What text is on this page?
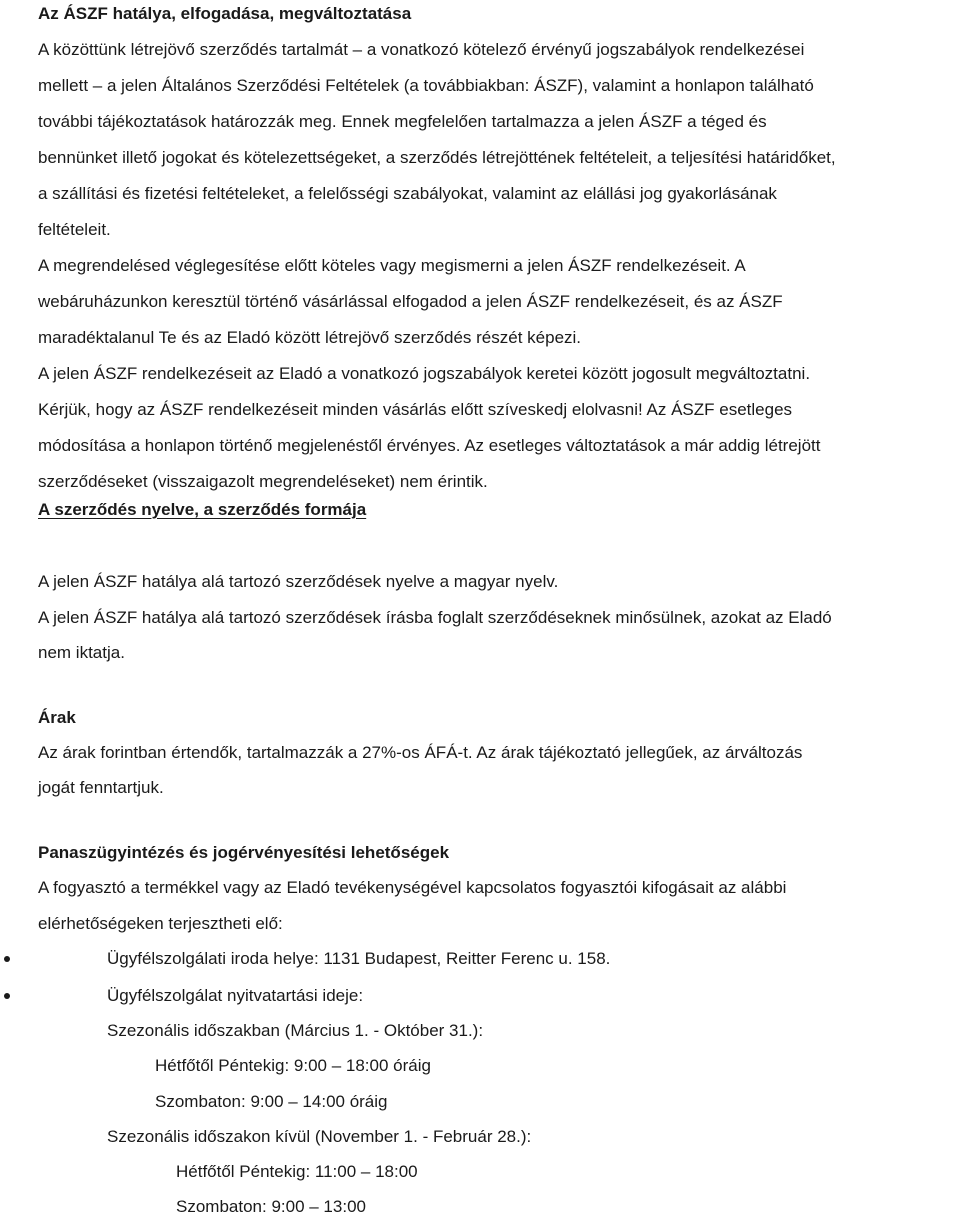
Az ÁSZF hatálya, elfogadása, megváltoztatása
A közöttünk létrejövő szerződés tartalmát – a vonatkozó kötelező érvényű jogszabályok rendelkezései
mellett – a jelen Általános Szerződési Feltételek (a továbbiakban: ÁSZF), valamint a honlapon található
további tájékoztatások határozzák meg. Ennek megfelelően tartalmazza a jelen ÁSZF a téged és
bennünket illető jogokat és kötelezettségeket, a szerződés létrejöttének feltételeit, a teljesítési határidőket,
a szállítási és fizetési feltételeket, a felelősségi szabályokat, valamint az elállási jog gyakorlásának
feltételeit.
A megrendelésed véglegesítése előtt köteles vagy megismerni a jelen ÁSZF rendelkezéseit. A
webáruházunkon keresztül történő vásárlással elfogadod a jelen ÁSZF rendelkezéseit, és az ÁSZF
maradéktalanul Te és az Eladó között létrejövő szerződés részét képezi.
A jelen ÁSZF rendelkezéseit az Eladó a vonatkozó jogszabályok keretei között jogosult megváltoztatni.
Kérjük, hogy az ÁSZF rendelkezéseit minden vásárlás előtt szíveskedj elolvasni! Az ÁSZF esetleges
módosítása a honlapon történő megjelenéstől érvényes. Az esetleges változtatások a már addig létrejött
szerződéseket (visszaigazolt megrendeléseket) nem érintik.
A szerződés nyelve, a szerződés formája
A jelen ÁSZF hatálya alá tartozó szerződések nyelve a magyar nyelv.
A jelen ÁSZF hatálya alá tartozó szerződések írásba foglalt szerződéseknek minősülnek, azokat az Eladó
nem iktatja.
Árak
Az árak forintban értendők, tartalmazzák a 27%-os ÁFÁ-t. Az árak tájékoztató jellegűek, az árváltozás
jogát fenntartjuk.
Panaszügyintézés és jogérvényesítési lehetőségek
A fogyasztó a termékkel vagy az Eladó tevékenységével kapcsolatos fogyasztói kifogásait az alábbi
elérhetőségeken terjesztheti elő:
Ügyfélszolgálati iroda helye: 1131 Budapest, Reitter Ferenc u. 158.
Ügyfélszolgálat nyitvatartási ideje:
Szezonális időszakban (Március 1. - Október 31.):
Hétfőtől Péntekig: 9:00 – 18:00 óráig
Szombaton: 9:00 – 14:00 óráig
Szezonális időszakon kívül (November 1. - Február 28.):
Hétfőtől Péntekig: 11:00 – 18:00
Szombaton: 9:00 – 13:00
